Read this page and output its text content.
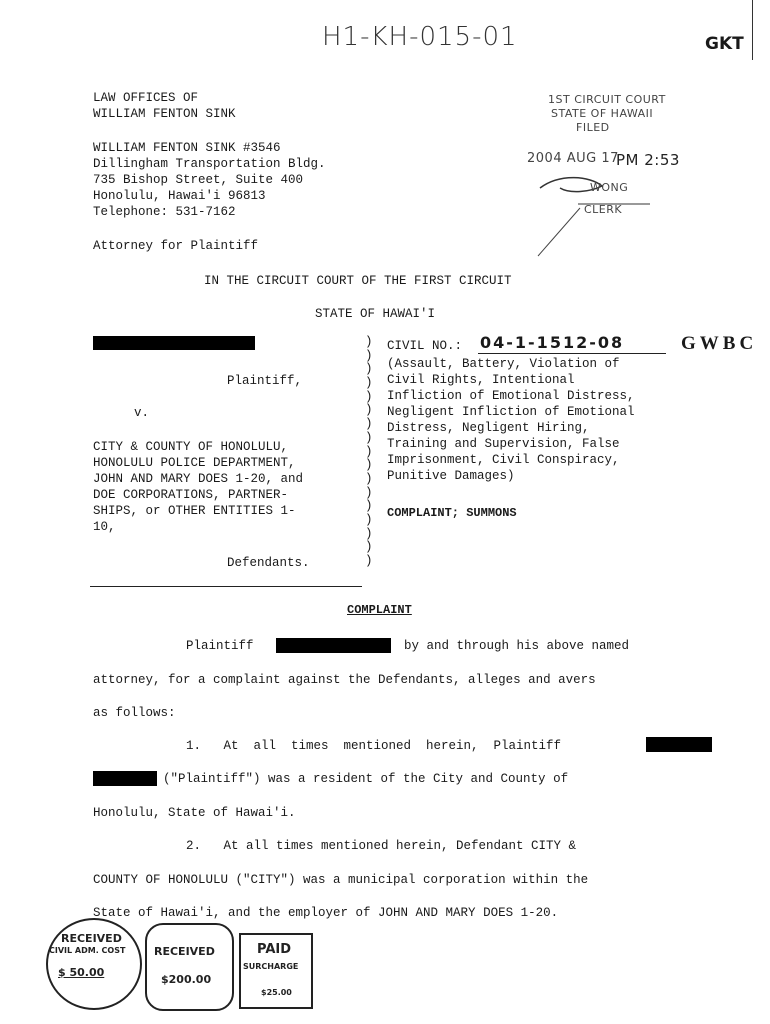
H1-KH-015-01	GKT
LAW OFFICES OF
WILLIAM FENTON SINK
WILLIAM FENTON SINK #3546
Dillingham Transportation Bldg.
735 Bishop Street, Suite 400
Honolulu, Hawai'i 96813
Telephone: 531-7162
Attorney for Plaintiff
1ST CIRCUIT COURT
STATE OF HAWAII
FILED
2004 AUG 17
PM 2:53
WONG
CLERK
IN THE CIRCUIT COURT OF THE FIRST CIRCUIT
STATE OF HAWAI'I
Plaintiff,
v.
CITY & COUNTY OF HONOLULU,
HONOLULU POLICE DEPARTMENT,
JOHN AND MARY DOES 1-20, and
DOE CORPORATIONS, PARTNER-
SHIPS, or OTHER ENTITIES 1-
10,
Defendants.
)
)
)
)
)
)
)
)
)
)
)
)
)
)
)
)
)
CIVIL NO.: 04-1-1512-08	GWBC
(Assault, Battery, Violation of
Civil Rights, Intentional
Infliction of Emotional Distress,
Negligent Infliction of Emotional
Distress, Negligent Hiring,
Training and Supervision, False
Imprisonment, Civil Conspiracy,
Punitive Damages)
COMPLAINT; SUMMONS
COMPLAINT
Plaintiff	by and through his above named
attorney, for a complaint against the Defendants, alleges and avers
as follows:
1.   At  all  times  mentioned  herein,  Plaintiff
("Plaintiff") was a resident of the City and County of
Honolulu, State of Hawai'i.
2.   At all times mentioned herein, Defendant CITY &
COUNTY OF HONOLULU ("CITY") was a municipal corporation within the
State of Hawai'i, and the employer of JOHN AND MARY DOES 1-20.
RECEIVED
CIVIL ADM. COST
$ 50.00
RECEIVED
$200.00
PAID
SURCHARGE
$25.00
